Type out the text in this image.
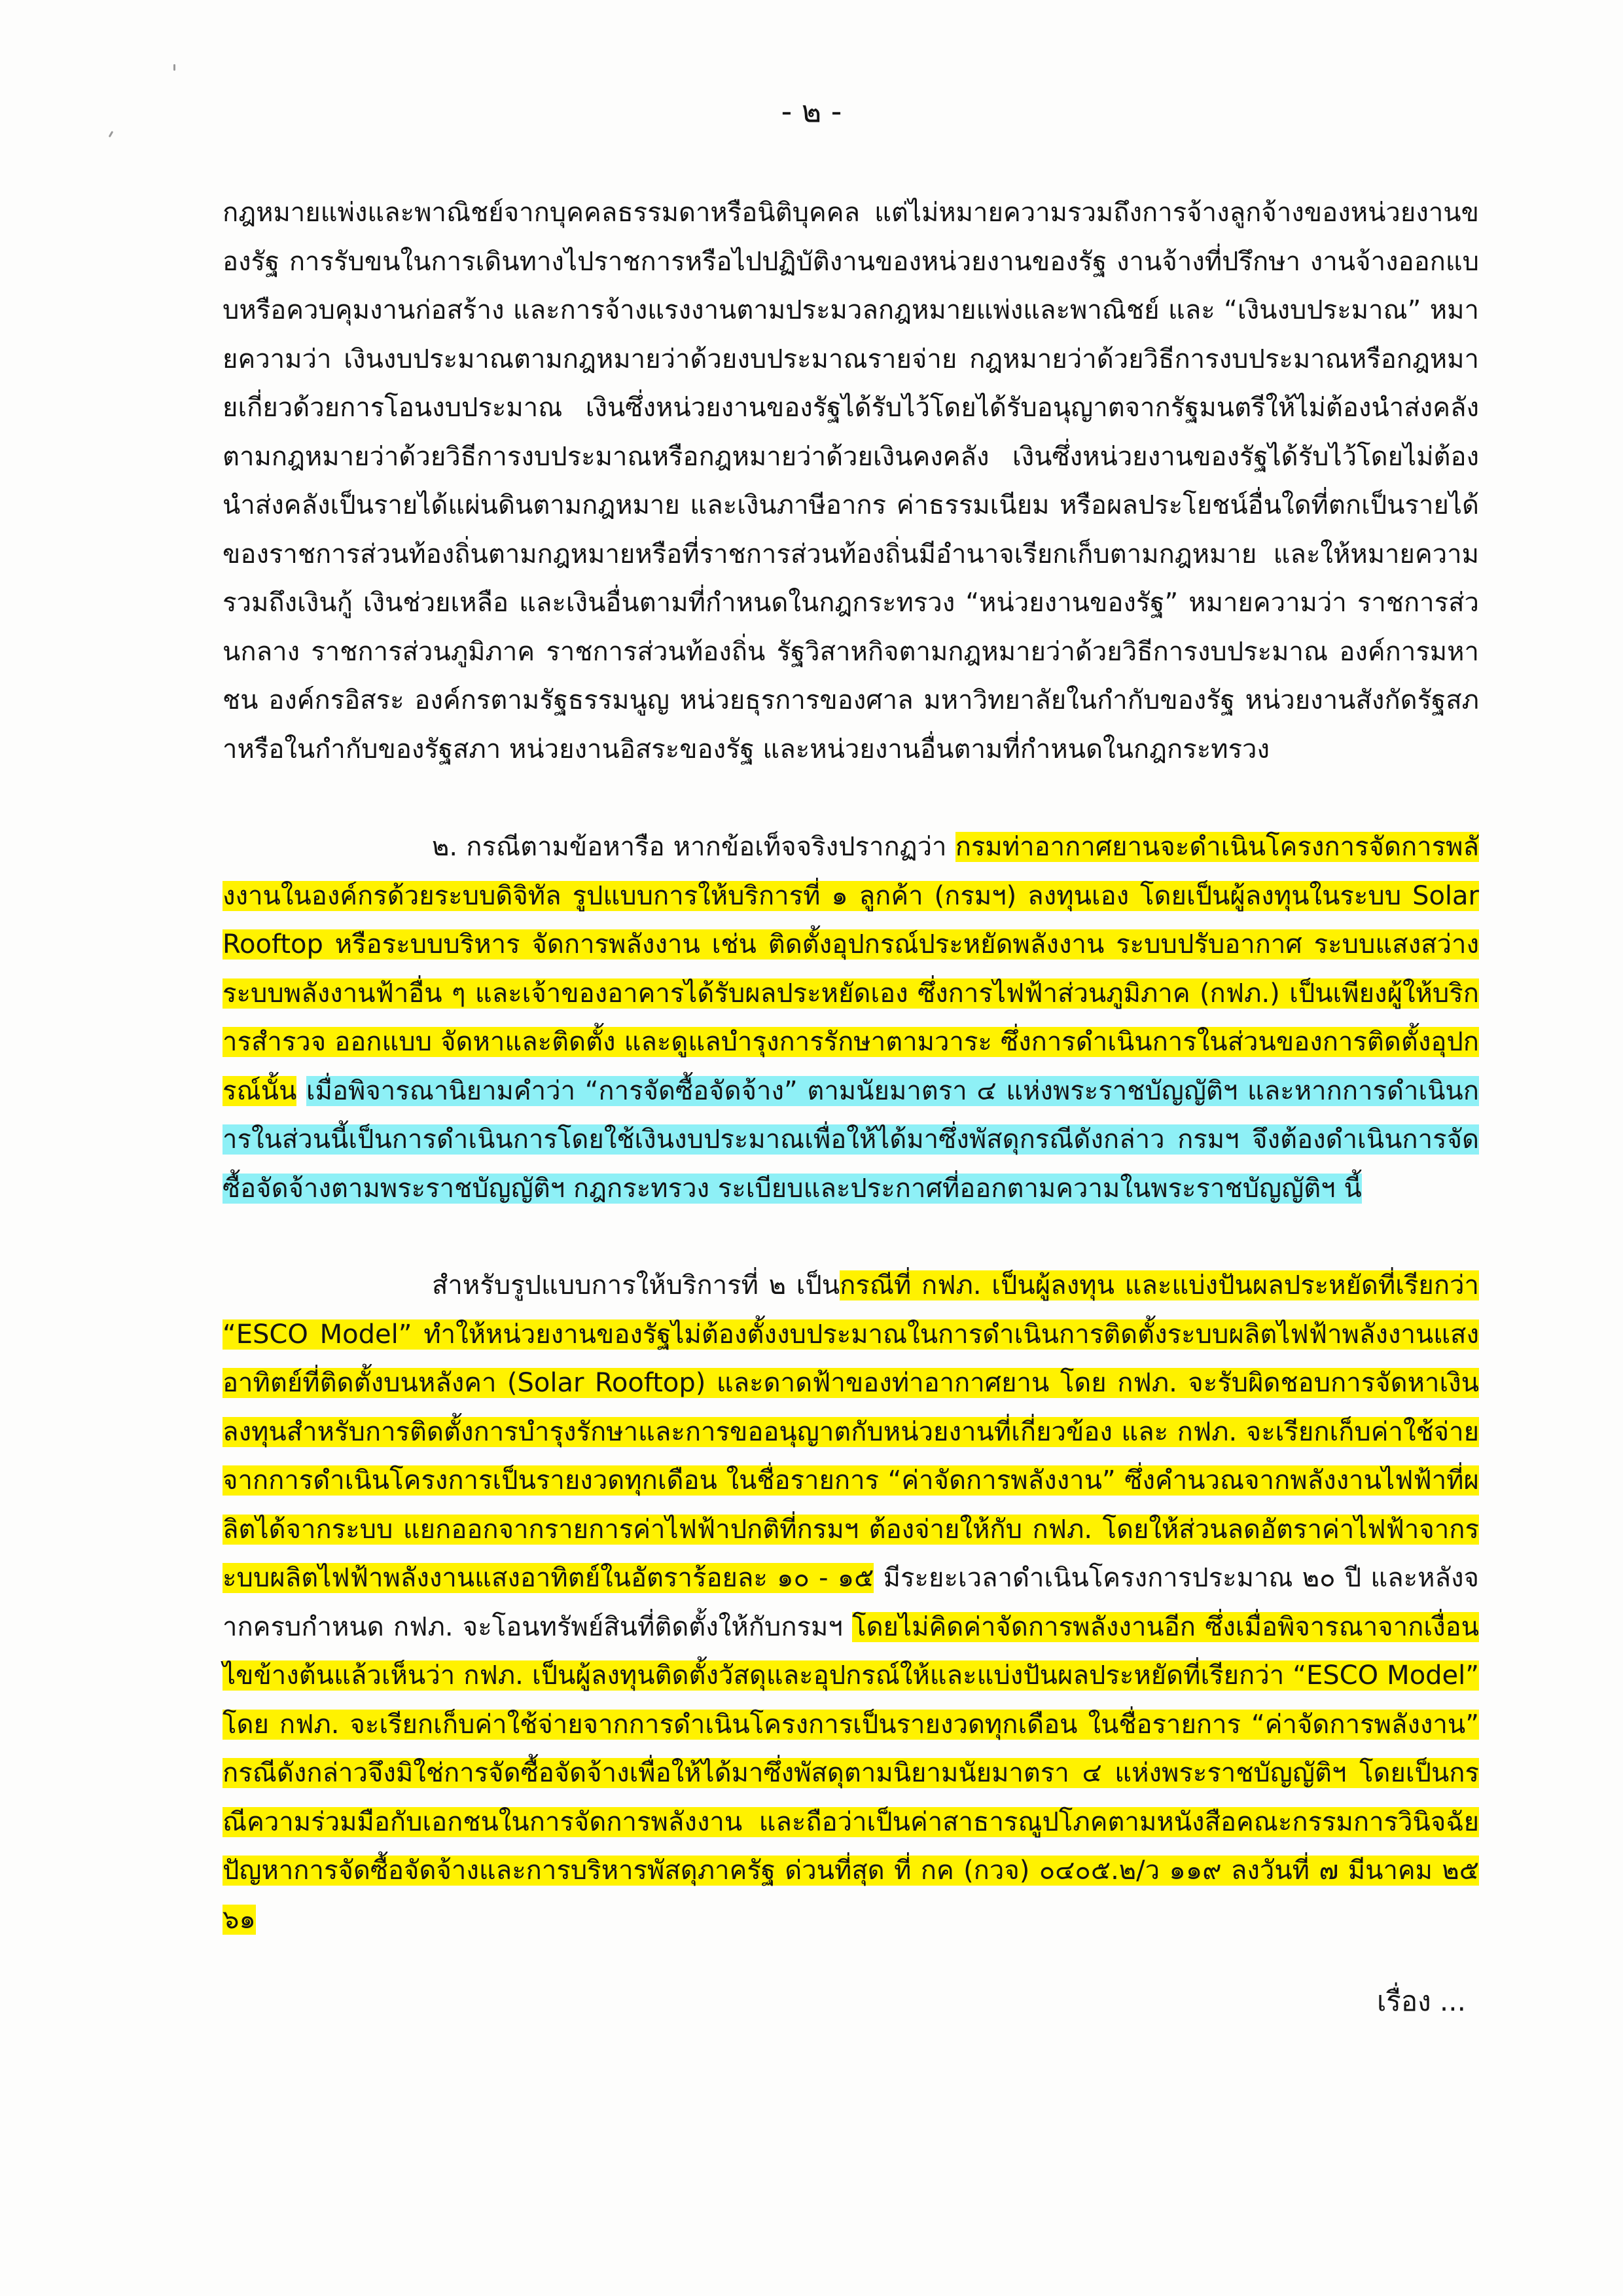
- ๒ -

กฎหมายแพ่งและพาณิชย์จากบุคคลธรรมดาหรือนิติบุคคล แต่ไม่หมายความรวมถึงการจ้างลูกจ้างของหน่วยงานของรัฐ การรับขนในการเดินทางไปราชการหรือไปปฏิบัติงานของหน่วยงานของรัฐ งานจ้างที่ปรึกษา งานจ้างออกแบบหรือควบคุมงานก่อสร้าง และการจ้างแรงงานตามประมวลกฎหมายแพ่งและพาณิชย์ และ “เงินงบประมาณ” หมายความว่า เงินงบประมาณตามกฎหมายว่าด้วยงบประมาณรายจ่าย กฎหมายว่าด้วยวิธีการงบประมาณหรือกฎหมายเกี่ยวด้วยการโอนงบประมาณ เงินซึ่งหน่วยงานของรัฐได้รับไว้โดยได้รับอนุญาตจากรัฐมนตรีให้ไม่ต้องนำส่งคลังตามกฎหมายว่าด้วยวิธีการงบประมาณหรือกฎหมายว่าด้วยเงินคงคลัง เงินซึ่งหน่วยงานของรัฐได้รับไว้โดยไม่ต้องนำส่งคลังเป็นรายได้แผ่นดินตามกฎหมาย และเงินภาษีอากร ค่าธรรมเนียม หรือผลประโยชน์อื่นใดที่ตกเป็นรายได้ของราชการส่วนท้องถิ่นตามกฎหมายหรือที่ราชการส่วนท้องถิ่นมีอำนาจเรียกเก็บตามกฎหมาย และให้หมายความรวมถึงเงินกู้ เงินช่วยเหลือ และเงินอื่นตามที่กำหนดในกฎกระทรวง “หน่วยงานของรัฐ” หมายความว่า ราชการส่วนกลาง ราชการส่วนภูมิภาค ราชการส่วนท้องถิ่น รัฐวิสาหกิจตามกฎหมายว่าด้วยวิธีการงบประมาณ องค์การมหาชน องค์กรอิสระ องค์กรตามรัฐธรรมนูญ หน่วยธุรการของศาล มหาวิทยาลัยในกำกับของรัฐ หน่วยงานสังกัดรัฐสภาหรือในกำกับของรัฐสภา หน่วยงานอิสระของรัฐ และหน่วยงานอื่นตามที่กำหนดในกฎกระทรวง

๒. กรณีตามข้อหารือ หากข้อเท็จจริงปรากฏว่า กรมท่าอากาศยานจะดำเนินโครงการจัดการพลังงานในองค์กรด้วยระบบดิจิทัล รูปแบบการให้บริการที่ ๑ ลูกค้า (กรมฯ) ลงทุนเอง โดยเป็นผู้ลงทุนในระบบ Solar Rooftop หรือระบบบริหาร จัดการพลังงาน เช่น ติดตั้งอุปกรณ์ประหยัดพลังงาน ระบบปรับอากาศ ระบบแสงสว่าง ระบบพลังงานฟ้าอื่น ๆ และเจ้าของอาคารได้รับผลประหยัดเอง ซึ่งการไฟฟ้าส่วนภูมิภาค (กฟภ.) เป็นเพียงผู้ให้บริการสำรวจ ออกแบบ จัดหาและติดตั้ง และดูแลบำรุงการรักษาตามวาระ ซึ่งการดำเนินการในส่วนของการติดตั้งอุปกรณ์นั้น เมื่อพิจารณานิยามคำว่า “การจัดซื้อจัดจ้าง” ตามนัยมาตรา ๔ แห่งพระราชบัญญัติฯ และหากการดำเนินการในส่วนนี้เป็นการดำเนินการโดยใช้เงินงบประมาณเพื่อให้ได้มาซึ่งพัสดุกรณีดังกล่าว กรมฯ จึงต้องดำเนินการจัดซื้อจัดจ้างตามพระราชบัญญัติฯ กฎกระทรวง ระเบียบและประกาศที่ออกตามความในพระราชบัญญัติฯ นี้

สำหรับรูปแบบการให้บริการที่ ๒ เป็นกรณีที่ กฟภ. เป็นผู้ลงทุน และแบ่งปันผลประหยัดที่เรียกว่า “ESCO Model” ทำให้หน่วยงานของรัฐไม่ต้องตั้งงบประมาณในการดำเนินการติดตั้งระบบผลิตไฟฟ้าพลังงานแสงอาทิตย์ที่ติดตั้งบนหลังคา (Solar Rooftop) และดาดฟ้าของท่าอากาศยาน โดย กฟภ. จะรับผิดชอบการจัดหาเงินลงทุนสำหรับการติดตั้งการบำรุงรักษาและการขออนุญาตกับหน่วยงานที่เกี่ยวข้อง และ กฟภ. จะเรียกเก็บค่าใช้จ่ายจากการดำเนินโครงการเป็นรายงวดทุกเดือน ในชื่อรายการ “ค่าจัดการพลังงาน” ซึ่งคำนวณจากพลังงานไฟฟ้าที่ผลิตได้จากระบบ แยกออกจากรายการค่าไฟฟ้าปกติที่กรมฯ ต้องจ่ายให้กับ กฟภ. โดยให้ส่วนลดอัตราค่าไฟฟ้าจากระบบผลิตไฟฟ้าพลังงานแสงอาทิตย์ในอัตราร้อยละ ๑๐ - ๑๕ มีระยะเวลาดำเนินโครงการประมาณ ๒๐ ปี และหลังจากครบกำหนด กฟภ. จะโอนทรัพย์สินที่ติดตั้งให้กับกรมฯ โดยไม่คิดค่าจัดการพลังงานอีก ซึ่งเมื่อพิจารณาจากเงื่อนไขข้างต้นแล้วเห็นว่า กฟภ. เป็นผู้ลงทุนติดตั้งวัสดุและอุปกรณ์ให้และแบ่งปันผลประหยัดที่เรียกว่า “ESCO Model” โดย กฟภ. จะเรียกเก็บค่าใช้จ่ายจากการดำเนินโครงการเป็นรายงวดทุกเดือน ในชื่อรายการ “ค่าจัดการพลังงาน” กรณีดังกล่าวจึงมิใช่การจัดซื้อจัดจ้างเพื่อให้ได้มาซึ่งพัสดุตามนิยามนัยมาตรา ๔ แห่งพระราชบัญญัติฯ โดยเป็นกรณีความร่วมมือกับเอกชนในการจัดการพลังงาน และถือว่าเป็นค่าสาธารณูปโภคตามหนังสือคณะกรรมการวินิจฉัยปัญหาการจัดซื้อจัดจ้างและการบริหารพัสดุภาครัฐ ด่วนที่สุด ที่ กค (กวจ) ๐๔๐๕.๒/ว ๑๑๙ ลงวันที่ ๗ มีนาคม ๒๕๖๑

เรื่อง ...
